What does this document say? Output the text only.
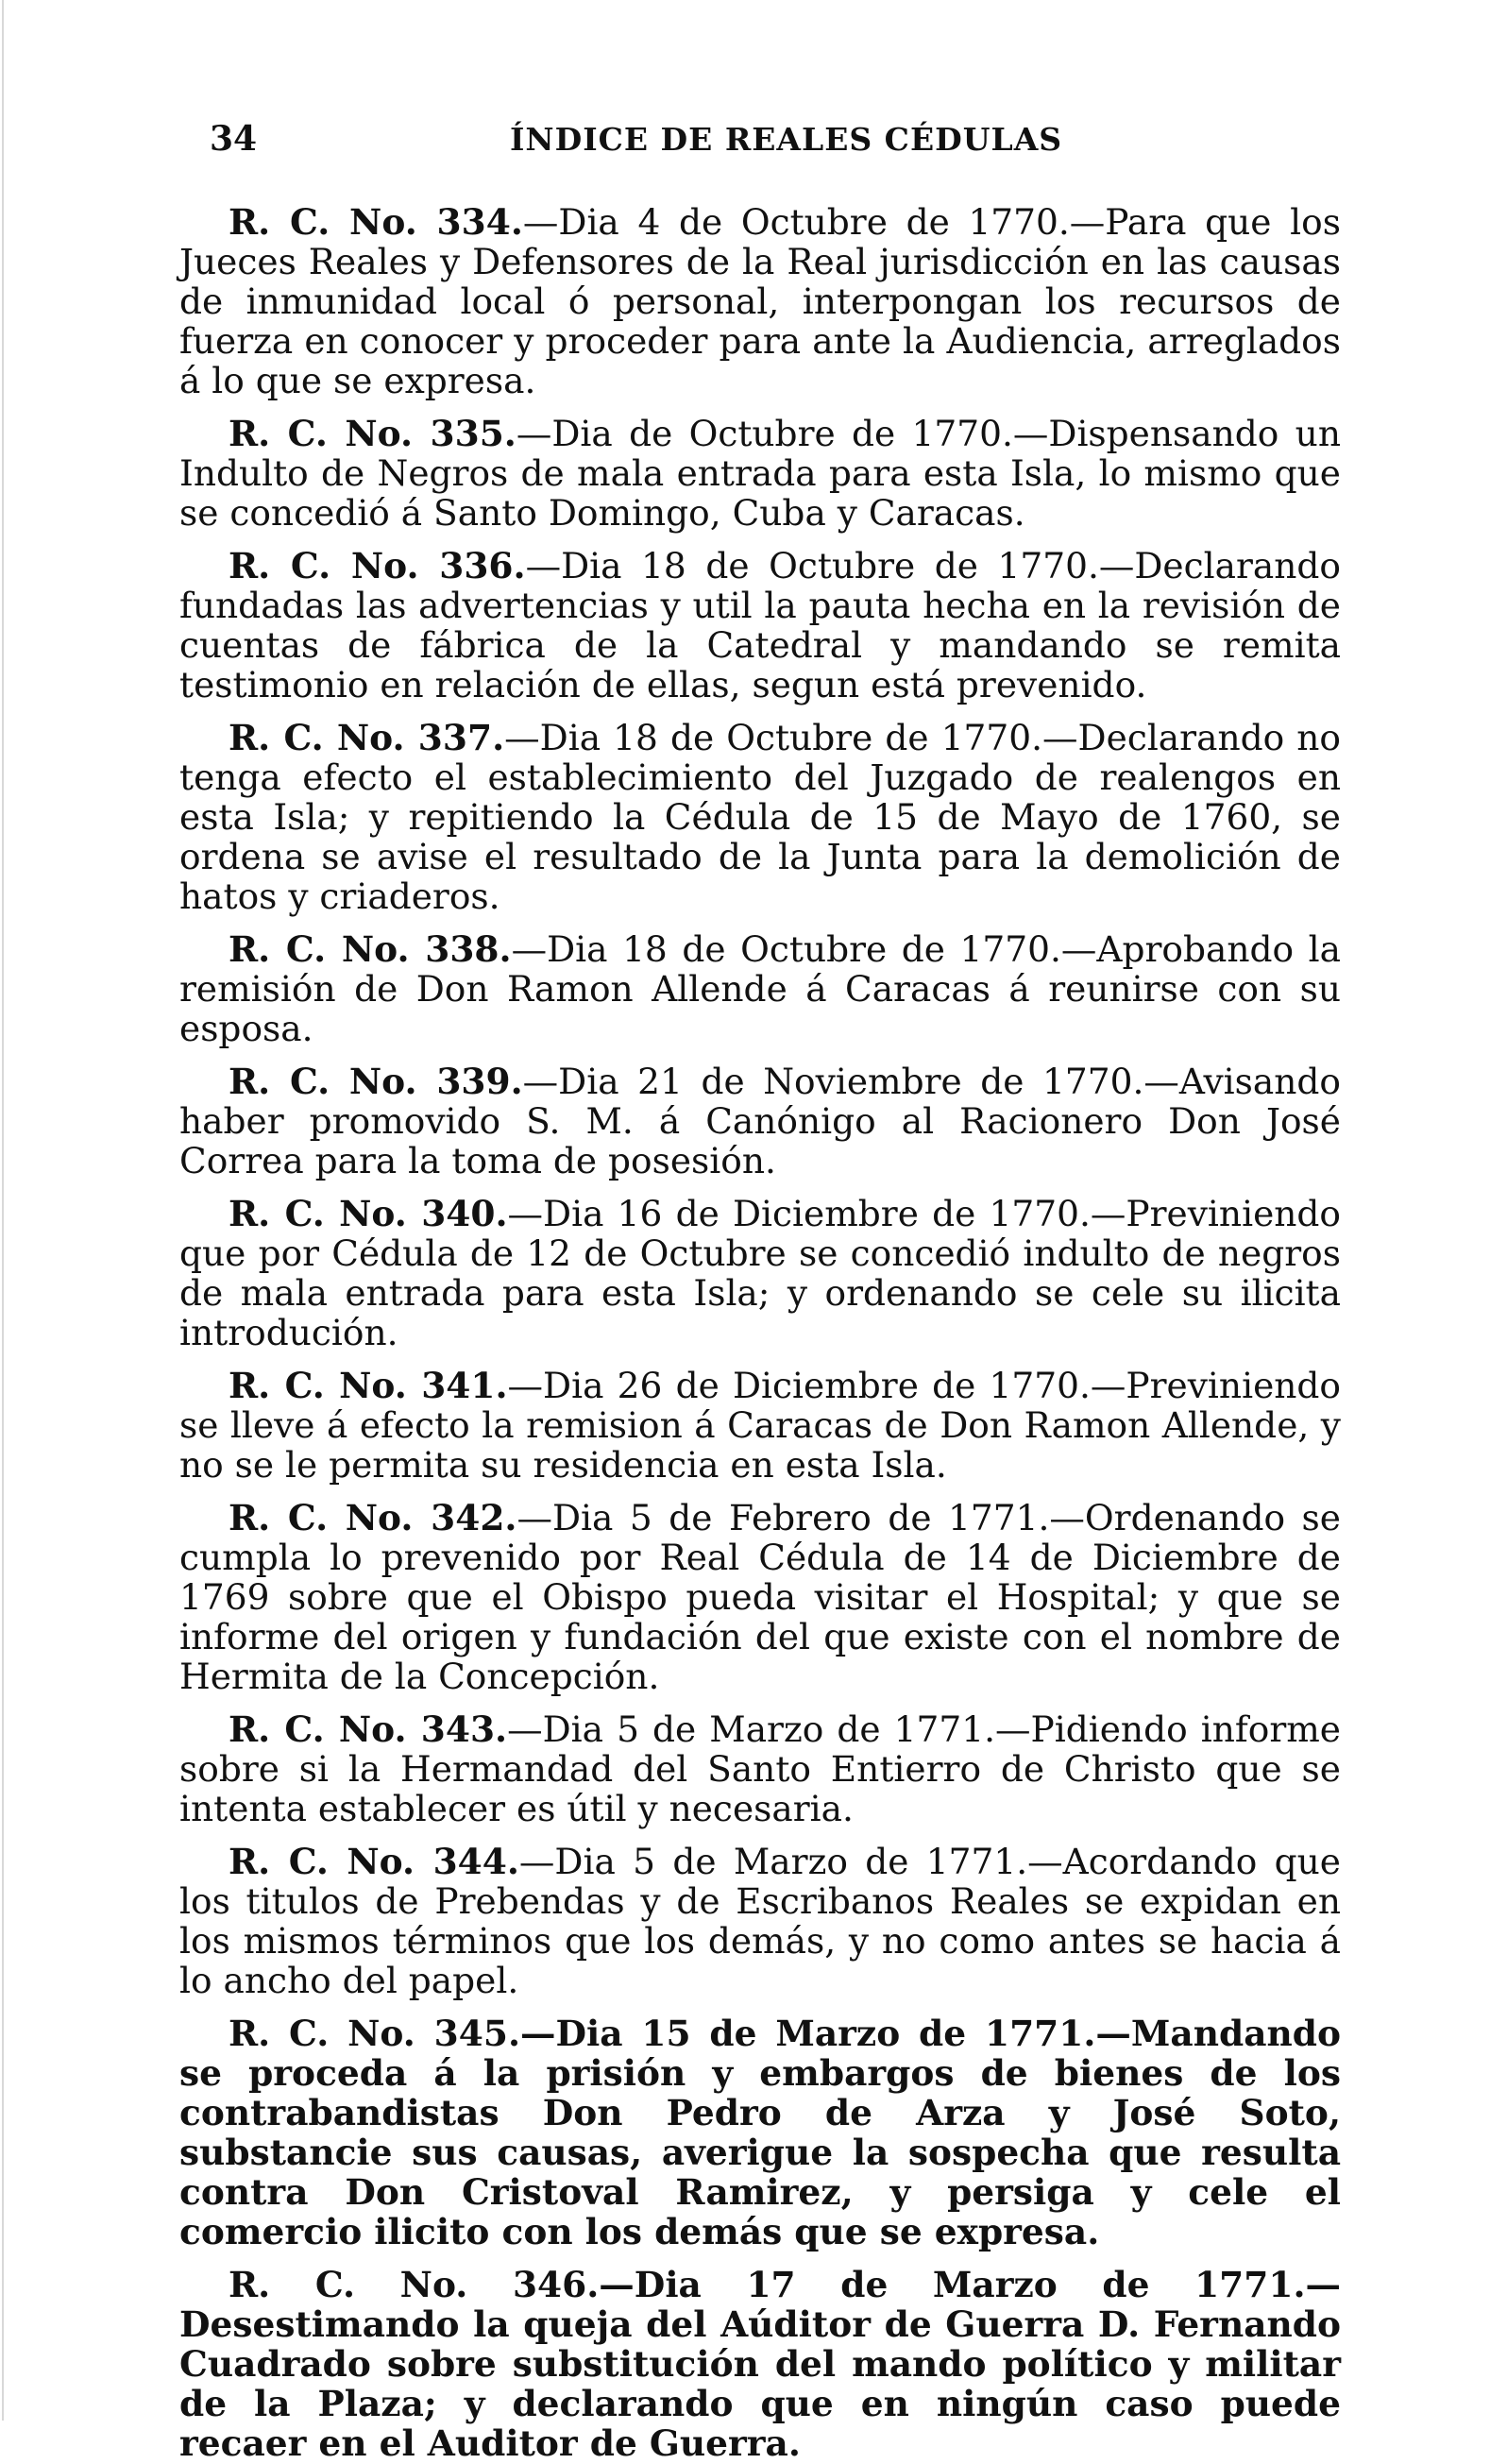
34	ÍNDICE DE REALES CÉDULAS

R. C. No. 334.—Dia 4 de Octubre de 1770.—Para que los Jueces Reales y Defensores de la Real jurisdicción en las causas de inmunidad local ó personal, interpongan los recursos de fuerza en conocer y proceder para ante la Audiencia, arreglados á lo que se expresa.

R. C. No. 335.—Dia de Octubre de 1770.—Dispensando un Indulto de Negros de mala entrada para esta Isla, lo mismo que se concedió á Santo Domingo, Cuba y Caracas.

R. C. No. 336.—Dia 18 de Octubre de 1770.—Declarando fundadas las advertencias y util la pauta hecha en la revisión de cuentas de fábrica de la Catedral y mandando se remita testimonio en relación de ellas, segun está prevenido.

R. C. No. 337.—Dia 18 de Octubre de 1770.—Declarando no tenga efecto el establecimiento del Juzgado de realengos en esta Isla; y repitiendo la Cédula de 15 de Mayo de 1760, se ordena se avise el resultado de la Junta para la demolición de hatos y criaderos.

R. C. No. 338.—Dia 18 de Octubre de 1770.—Aprobando la remisión de Don Ramon Allende á Caracas á reunirse con su esposa.

R. C. No. 339.—Dia 21 de Noviembre de 1770.—Avisando haber promovido S. M. á Canónigo al Racionero Don José Correa para la toma de posesión.

R. C. No. 340.—Dia 16 de Diciembre de 1770.—Previniendo que por Cédula de 12 de Octubre se concedió indulto de negros de mala entrada para esta Isla; y ordenando se cele su ilicita introdución.

R. C. No. 341.—Dia 26 de Diciembre de 1770.—Previniendo se lleve á efecto la remision á Caracas de Don Ramon Allende, y no se le permita su residencia en esta Isla.

R. C. No. 342.—Dia 5 de Febrero de 1771.—Ordenando se cumpla lo prevenido por Real Cédula de 14 de Diciembre de 1769 sobre que el Obispo pueda visitar el Hospital; y que se informe del origen y fundación del que existe con el nombre de Hermita de la Concepción.

R. C. No. 343.—Dia 5 de Marzo de 1771.—Pidiendo informe sobre si la Hermandad del Santo Entierro de Christo que se intenta establecer es útil y necesaria.

R. C. No. 344.—Dia 5 de Marzo de 1771.—Acordando que los titulos de Prebendas y de Escribanos Reales se expidan en los mismos términos que los demás, y no como antes se hacia á lo ancho del papel.

R. C. No. 345.—Dia 15 de Marzo de 1771.—Mandando se proceda á la prisión y embargos de bienes de los contrabandistas Don Pedro de Arza y José Soto, substancie sus causas, averigue la sospecha que resulta contra Don Cristoval Ramirez, y persiga y cele el comercio ilicito con los demás que se expresa.

R. C. No. 346.—Dia 17 de Marzo de 1771.—Desestimando la queja del Aúditor de Guerra D. Fernando Cuadrado sobre substitución del mando político y militar de la Plaza; y declarando que en ningún caso puede recaer en el Auditor de Guerra.
